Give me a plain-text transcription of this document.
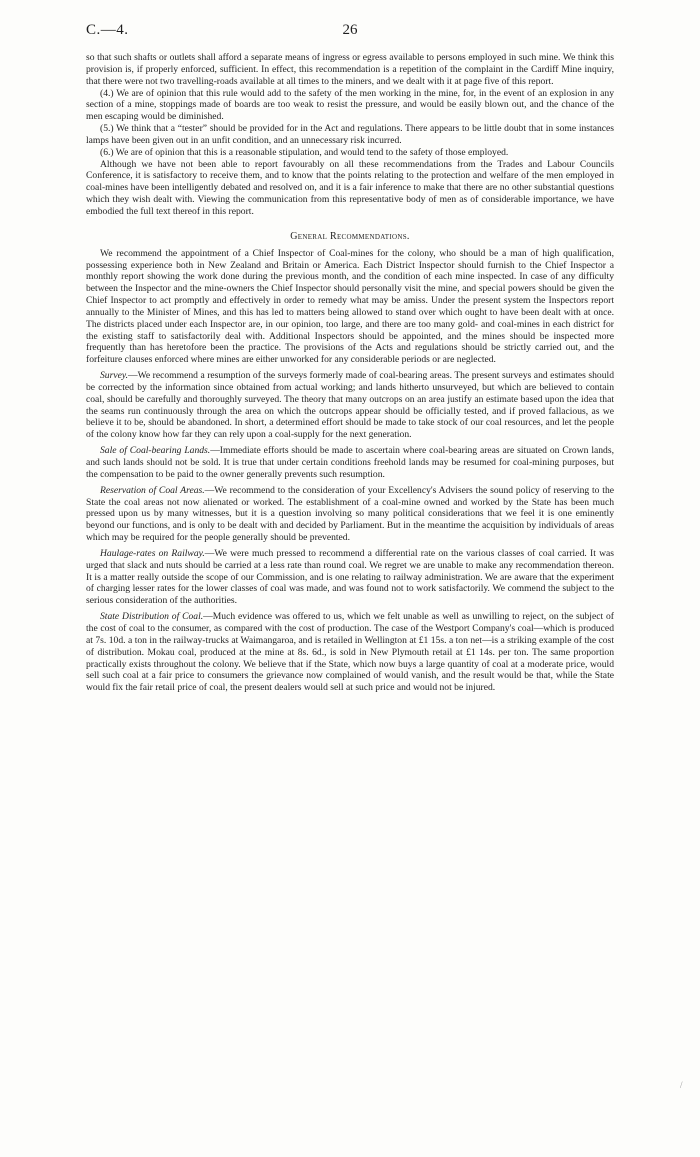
C.—4.	26

so that such shafts or outlets shall afford a separate means of ingress or egress available to persons employed in such mine. We think this provision is, if properly enforced, sufficient. In effect, this recommendation is a repetition of the complaint in the Cardiff Mine inquiry, that there were not two travelling-roads available at all times to the miners, and we dealt with it at page five of this report.

(4.) We are of opinion that this rule would add to the safety of the men working in the mine, for, in the event of an explosion in any section of a mine, stoppings made of boards are too weak to resist the pressure, and would be easily blown out, and the chance of the men escaping would be diminished.

(5.) We think that a “tester” should be provided for in the Act and regulations. There appears to be little doubt that in some instances lamps have been given out in an unfit condition, and an unnecessary risk incurred.

(6.) We are of opinion that this is a reasonable stipulation, and would tend to the safety of those employed.

Although we have not been able to report favourably on all these recommendations from the Trades and Labour Councils Conference, it is satisfactory to receive them, and to know that the points relating to the protection and welfare of the men employed in coal-mines have been intelligently debated and resolved on, and it is a fair inference to make that there are no other substantial questions which they wish dealt with. Viewing the communication from this representative body of men as of considerable importance, we have embodied the full text thereof in this report.

General Recommendations.

We recommend the appointment of a Chief Inspector of Coal-mines for the colony, who should be a man of high qualification, possessing experience both in New Zealand and Britain or America. Each District Inspector should furnish to the Chief Inspector a monthly report showing the work done during the previous month, and the condition of each mine inspected. In case of any difficulty between the Inspector and the mine-owners the Chief Inspector should personally visit the mine, and special powers should be given the Chief Inspector to act promptly and effectively in order to remedy what may be amiss. Under the present system the Inspectors report annually to the Minister of Mines, and this has led to matters being allowed to stand over which ought to have been dealt with at once. The districts placed under each Inspector are, in our opinion, too large, and there are too many gold- and coal-mines in each district for the existing staff to satisfactorily deal with. Additional Inspectors should be appointed, and the mines should be inspected more frequently than has heretofore been the practice. The provisions of the Acts and regulations should be strictly carried out, and the forfeiture clauses enforced where mines are either unworked for any considerable periods or are neglected.

Survey.—We recommend a resumption of the surveys formerly made of coal-bearing areas. The present surveys and estimates should be corrected by the information since obtained from actual working; and lands hitherto unsurveyed, but which are believed to contain coal, should be carefully and thoroughly surveyed. The theory that many outcrops on an area justify an estimate based upon the idea that the seams run continuously through the area on which the outcrops appear should be officially tested, and if proved fallacious, as we believe it to be, should be abandoned. In short, a determined effort should be made to take stock of our coal resources, and let the people of the colony know how far they can rely upon a coal-supply for the next generation.

Sale of Coal-bearing Lands.—Immediate efforts should be made to ascertain where coal-bearing areas are situated on Crown lands, and such lands should not be sold. It is true that under certain conditions freehold lands may be resumed for coal-mining purposes, but the compensation to be paid to the owner generally prevents such resumption.

Reservation of Coal Areas.—We recommend to the consideration of your Excellency's Advisers the sound policy of reserving to the State the coal areas not now alienated or worked. The establishment of a coal-mine owned and worked by the State has been much pressed upon us by many witnesses, but it is a question involving so many political considerations that we feel it is one eminently beyond our functions, and is only to be dealt with and decided by Parliament. But in the meantime the acquisition by individuals of areas which may be required for the people generally should be prevented.

Haulage-rates on Railway.—We were much pressed to recommend a differential rate on the various classes of coal carried. It was urged that slack and nuts should be carried at a less rate than round coal. We regret we are unable to make any recommendation thereon. It is a matter really outside the scope of our Commission, and is one relating to railway administration. We are aware that the experiment of charging lesser rates for the lower classes of coal was made, and was found not to work satisfactorily. We commend the subject to the serious consideration of the authorities.

State Distribution of Coal.—Much evidence was offered to us, which we felt unable as well as unwilling to reject, on the subject of the cost of coal to the consumer, as compared with the cost of production. The case of the Westport Company's coal—which is produced at 7s. 10d. a ton in the railway-trucks at Waimangaroa, and is retailed in Wellington at £1 15s. a ton net—is a striking example of the cost of distribution. Mokau coal, produced at the mine at 8s. 6d., is sold in New Plymouth retail at £1 14s. per ton. The same proportion practically exists throughout the colony. We believe that if the State, which now buys a large quantity of coal at a moderate price, would sell such coal at a fair price to consumers the grievance now complained of would vanish, and the result would be that, while the State would fix the fair retail price of coal, the present dealers would sell at such price and would not be injured.

/
